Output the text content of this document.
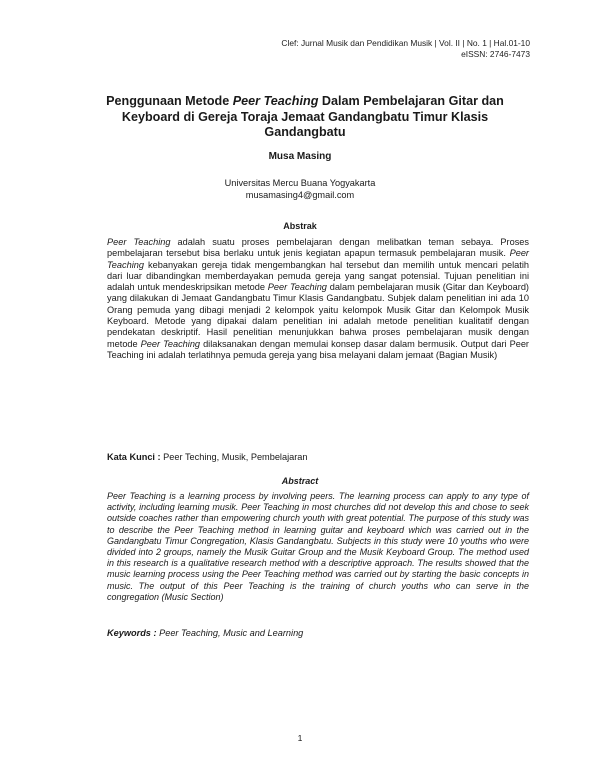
Clef: Jurnal Musik dan Pendidikan Musik | Vol. II | No. 1 | Hal.01-10
eISSN: 2746-7473
Penggunaan Metode Peer Teaching Dalam Pembelajaran Gitar dan Keyboard di Gereja Toraja Jemaat Gandangbatu Timur Klasis Gandangbatu
Musa Masing
Universitas Mercu Buana Yogyakarta
musamasing4@gmail.com
Abstrak
Peer Teaching adalah suatu proses pembelajaran dengan melibatkan teman sebaya. Proses pembelajaran tersebut bisa berlaku untuk jenis kegiatan apapun termasuk pembelajaran musik. Peer Teaching kebanyakan gereja tidak mengembangkan hal tersebut dan memilih untuk mencari pelatih dari luar dibandingkan memberdayakan pemuda gereja yang sangat potensial. Tujuan penelitian ini adalah untuk mendeskripsikan metode Peer Teaching dalam pembelajaran musik (Gitar dan Keyboard) yang dilakukan di Jemaat Gandangbatu Timur Klasis Gandangbatu. Subjek dalam penelitian ini ada 10 Orang pemuda yang dibagi menjadi 2 kelompok yaitu kelompok Musik Gitar dan Kelompok Musik Keyboard. Metode yang dipakai dalam penelitian ini adalah metode penelitian kualitatif dengan pendekatan deskriptif. Hasil penelitian menunjukkan bahwa proses pembelajaran musik dengan metode Peer Teaching dilaksanakan dengan memulai konsep dasar dalam bermusik. Output dari Peer Teaching ini adalah terlatihnya pemuda gereja yang bisa melayani dalam jemaat (Bagian Musik)
Kata Kunci : Peer Teching, Musik, Pembelajaran
Abstract
Peer Teaching is a learning process by involving peers. The learning process can apply to any type of activity, including learning musik. Peer Teaching in most churches did not develop this and chose to seek outside coaches rather than empowering church youth with great potential. The purpose of this study was to describe the Peer Teaching method in learning guitar and keyboard which was carried out in the Gandangbatu Timur Congregation, Klasis Gandangbatu. Subjects in this study were 10 youths who were divided into 2 groups, namely the Musik Guitar Group and the Musik Keyboard Group. The method used in this research is a qualitative research method with a descriptive approach. The results showed that the music learning process using the Peer Teaching method was carried out by starting the basic concepts in music. The output of this Peer Teaching is the training of church youths who can serve in the congregation (Music Section)
Keywords : Peer Teaching, Music and Learning
1
